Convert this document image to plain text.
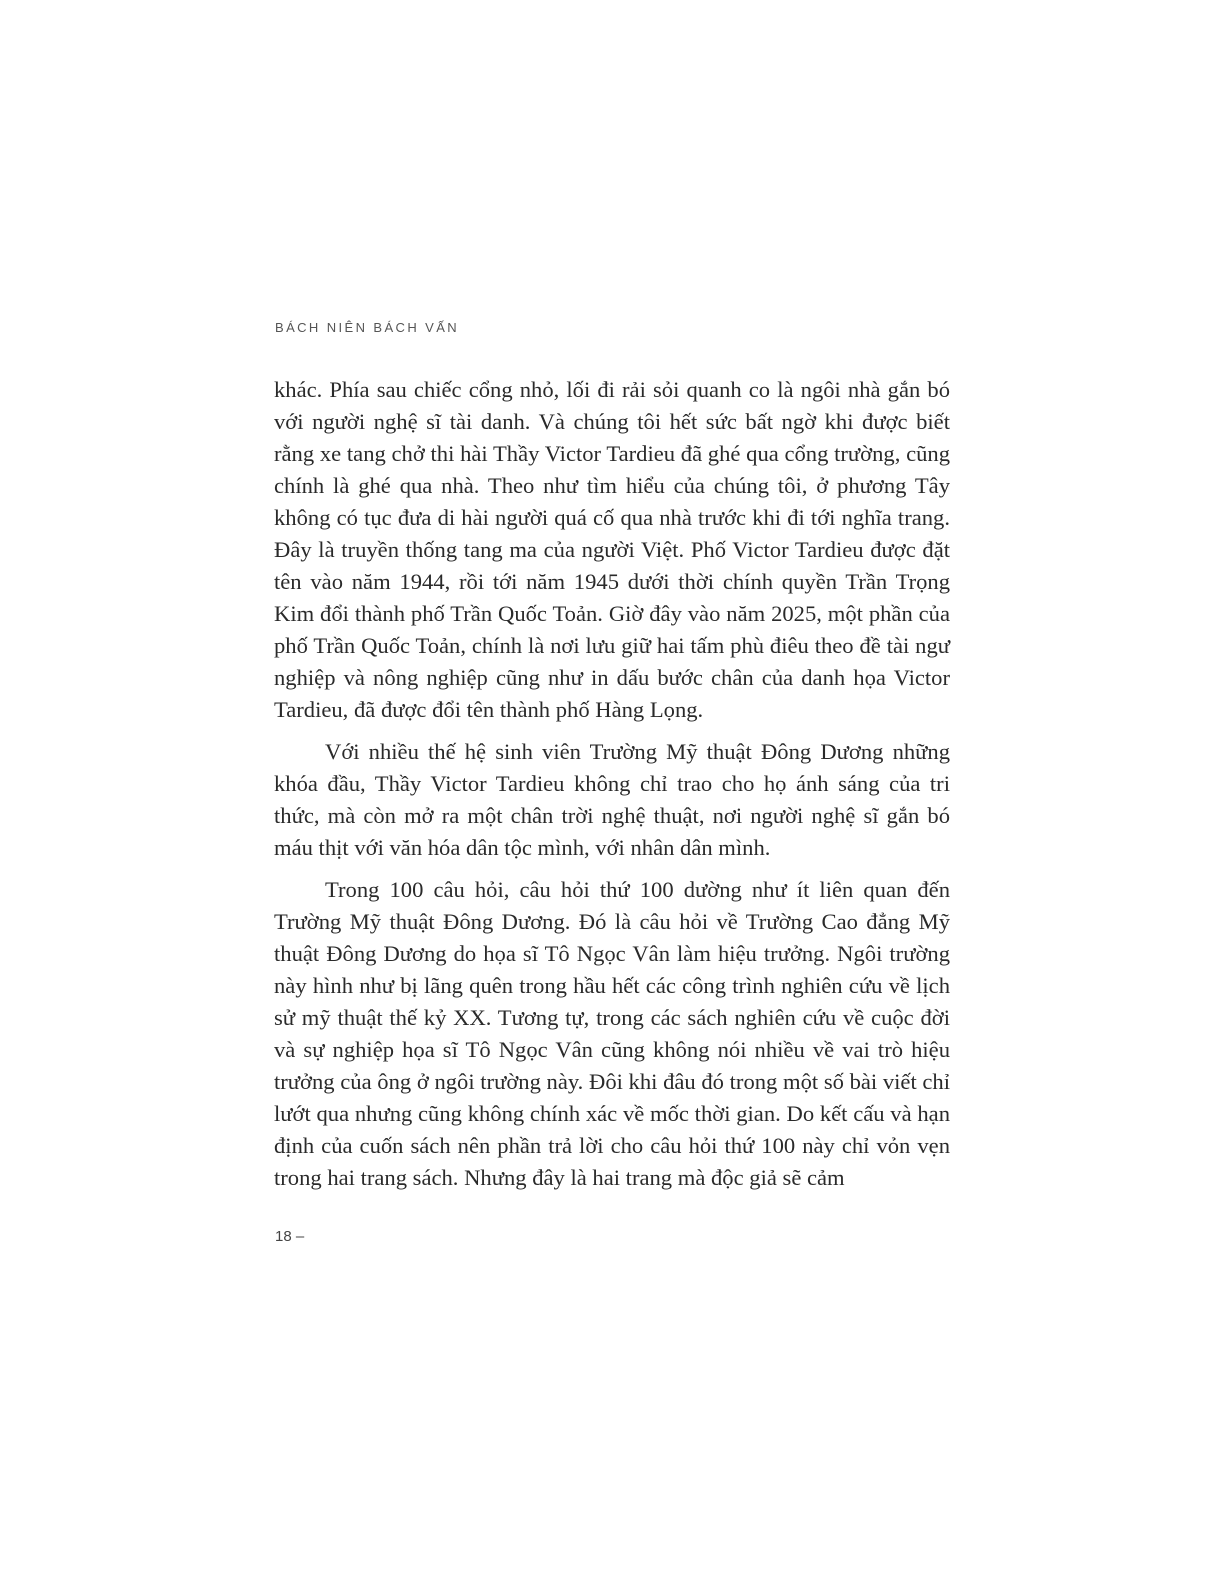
BÁCH NIÊN BÁCH VẤN

khác. Phía sau chiếc cổng nhỏ, lối đi rải sỏi quanh co là ngôi nhà gắn bó với người nghệ sĩ tài danh. Và chúng tôi hết sức bất ngờ khi được biết rằng xe tang chở thi hài Thầy Victor Tardieu đã ghé qua cổng trường, cũng chính là ghé qua nhà. Theo như tìm hiểu của chúng tôi, ở phương Tây không có tục đưa di hài người quá cố qua nhà trước khi đi tới nghĩa trang. Đây là truyền thống tang ma của người Việt. Phố Victor Tardieu được đặt tên vào năm 1944, rồi tới năm 1945 dưới thời chính quyền Trần Trọng Kim đổi thành phố Trần Quốc Toản. Giờ đây vào năm 2025, một phần của phố Trần Quốc Toản, chính là nơi lưu giữ hai tấm phù điêu theo đề tài ngư nghiệp và nông nghiệp cũng như in dấu bước chân của danh họa Victor Tardieu, đã được đổi tên thành phố Hàng Lọng.

Với nhiều thế hệ sinh viên Trường Mỹ thuật Đông Dương những khóa đầu, Thầy Victor Tardieu không chỉ trao cho họ ánh sáng của tri thức, mà còn mở ra một chân trời nghệ thuật, nơi người nghệ sĩ gắn bó máu thịt với văn hóa dân tộc mình, với nhân dân mình.

Trong 100 câu hỏi, câu hỏi thứ 100 dường như ít liên quan đến Trường Mỹ thuật Đông Dương. Đó là câu hỏi về Trường Cao đẳng Mỹ thuật Đông Dương do họa sĩ Tô Ngọc Vân làm hiệu trưởng. Ngôi trường này hình như bị lãng quên trong hầu hết các công trình nghiên cứu về lịch sử mỹ thuật thế kỷ XX. Tương tự, trong các sách nghiên cứu về cuộc đời và sự nghiệp họa sĩ Tô Ngọc Vân cũng không nói nhiều về vai trò hiệu trưởng của ông ở ngôi trường này. Đôi khi đâu đó trong một số bài viết chỉ lướt qua nhưng cũng không chính xác về mốc thời gian. Do kết cấu và hạn định của cuốn sách nên phần trả lời cho câu hỏi thứ 100 này chỉ vỏn vẹn trong hai trang sách. Nhưng đây là hai trang mà độc giả sẽ cảm

18 –
